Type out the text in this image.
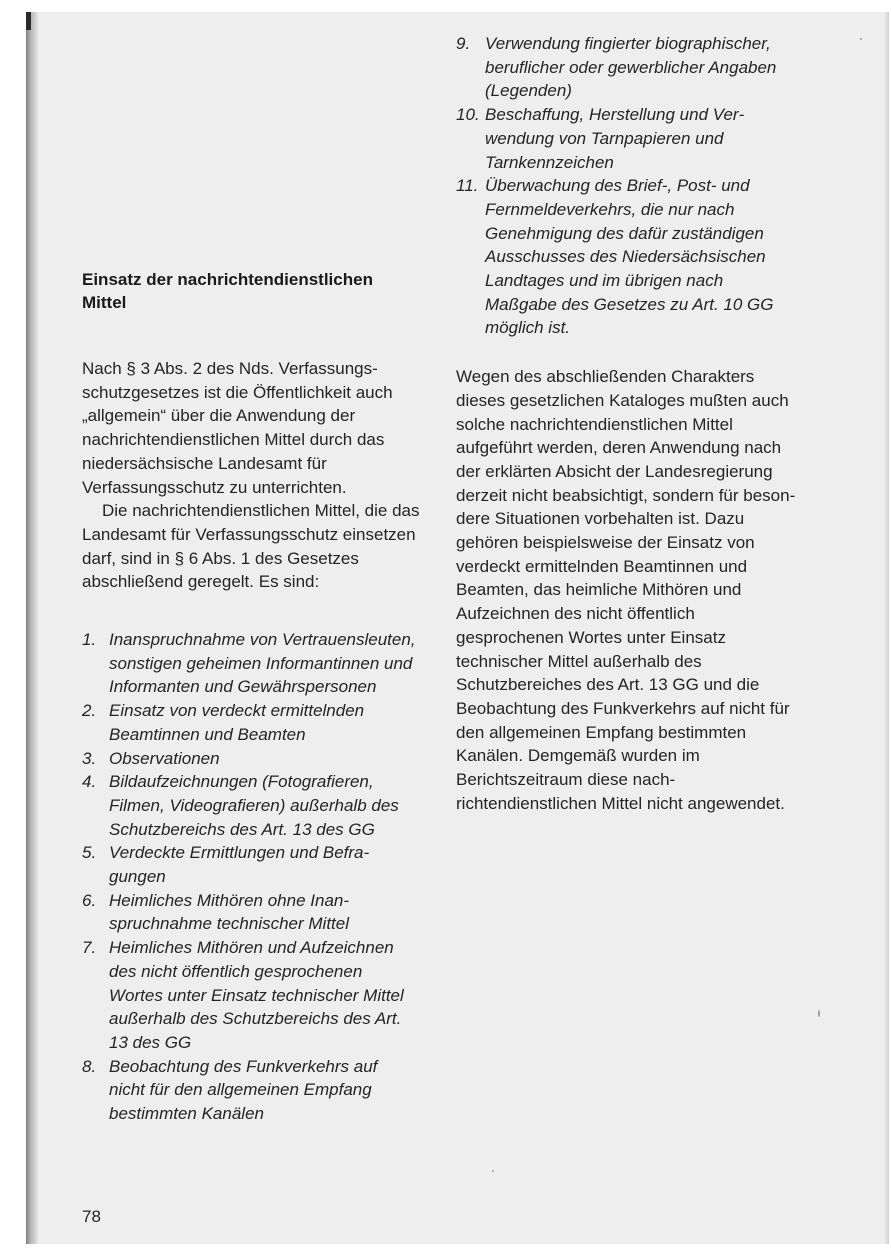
Einsatz der nachrichtendienstlichen Mittel

Nach § 3 Abs. 2 des Nds. Verfassungsschutzgesetzes ist die Öffentlichkeit auch „allgemein“ über die Anwendung der nachrichtendienstlichen Mittel durch das niedersächsische Landesamt für Verfassungsschutz zu unterrichten.

Die nachrichtendienstlichen Mittel, die das Landesamt für Verfassungsschutz einsetzen darf, sind in § 6 Abs. 1 des Gesetzes abschließend geregelt. Es sind:

1. Inanspruchnahme von Vertrauensleuten, sonstigen geheimen Informantinnen und Informanten und Gewährspersonen
2. Einsatz von verdeckt ermittelnden Beamtinnen und Beamten
3. Observationen
4. Bildaufzeichnungen (Fotografieren, Filmen, Videografieren) außerhalb des Schutzbereichs des Art. 13 des GG
5. Verdeckte Ermittlungen und Befragungen
6. Heimliches Mithören ohne Inanspruchnahme technischer Mittel
7. Heimliches Mithören und Aufzeichnen des nicht öffentlich gesprochenen Wortes unter Einsatz technischer Mittel außerhalb des Schutzbereichs des Art. 13 des GG
8. Beobachtung des Funkverkehrs auf nicht für den allgemeinen Empfang bestimmten Kanälen
9. Verwendung fingierter biographischer, beruflicher oder gewerblicher Angaben (Legenden)
10. Beschaffung, Herstellung und Verwendung von Tarnpapieren und Tarnkennzeichen
11. Überwachung des Brief-, Post- und Fernmeldeverkehrs, die nur nach Genehmigung des dafür zuständigen Ausschusses des Niedersächsischen Landtages und im übrigen nach Maßgabe des Gesetzes zu Art. 10 GG möglich ist.

Wegen des abschließenden Charakters dieses gesetzlichen Kataloges mußten auch solche nachrichtendienstlichen Mittel aufgeführt werden, deren Anwendung nach der erklärten Absicht der Landesregierung derzeit nicht beabsichtigt, sondern für besondere Situationen vorbehalten ist. Dazu gehören beispielsweise der Einsatz von verdeckt ermittelnden Beamtinnen und Beamten, das heimliche Mithören und Aufzeichnen des nicht öffentlich gesprochenen Wortes unter Einsatz technischer Mittel außerhalb des Schutzbereiches des Art. 13 GG und die Beobachtung des Funkverkehrs auf nicht für den allgemeinen Empfang bestimmten Kanälen. Demgemäß wurden im Berichtszeitraum diese nachrichtendienstlichen Mittel nicht angewendet.

78
